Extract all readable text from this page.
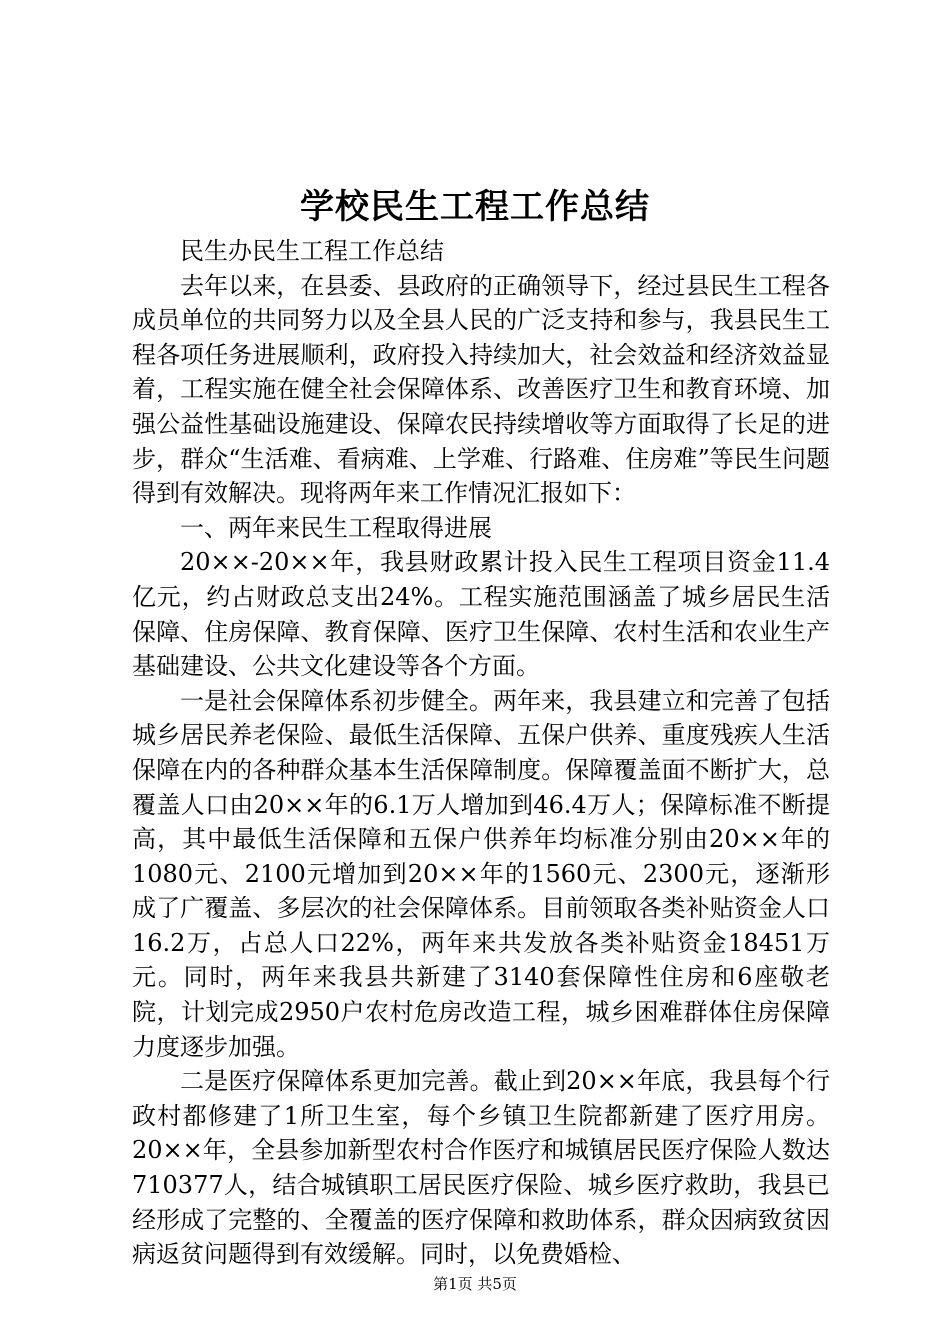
学校民生工程工作总结

民生办民生工程工作总结

去年以来，在县委、县政府的正确领导下，经过县民生工程各成员单位的共同努力以及全县人民的广泛支持和参与，我县民生工程各项任务进展顺利，政府投入持续加大，社会效益和经济效益显着，工程实施在健全社会保障体系、改善医疗卫生和教育环境、加强公益性基础设施建设、保障农民持续增收等方面取得了长足的进步，群众“生活难、看病难、上学难、行路难、住房难”等民生问题得到有效解决。现将两年来工作情况汇报如下：

一、两年来民生工程取得进展

20××-20××年，我县财政累计投入民生工程项目资金11.4亿元，约占财政总支出24%。工程实施范围涵盖了城乡居民生活保障、住房保障、教育保障、医疗卫生保障、农村生活和农业生产基础建设、公共文化建设等各个方面。

一是社会保障体系初步健全。两年来，我县建立和完善了包括城乡居民养老保险、最低生活保障、五保户供养、重度残疾人生活保障在内的各种群众基本生活保障制度。保障覆盖面不断扩大，总覆盖人口由20××年的6.1万人增加到46.4万人；保障标准不断提高，其中最低生活保障和五保户供养年均标准分别由20××年的1080元、2100元增加到20××年的1560元、2300元，逐渐形成了广覆盖、多层次的社会保障体系。目前领取各类补贴资金人口16.2万，占总人口22%，两年来共发放各类补贴资金18451万元。同时，两年来我县共新建了3140套保障性住房和6座敬老院，计划完成2950户农村危房改造工程，城乡困难群体住房保障力度逐步加强。

二是医疗保障体系更加完善。截止到20××年底，我县每个行政村都修建了1所卫生室，每个乡镇卫生院都新建了医疗用房。20××年，全县参加新型农村合作医疗和城镇居民医疗保险人数达710377人，结合城镇职工居民医疗保险、城乡医疗救助，我县已经形成了完整的、全覆盖的医疗保障和救助体系，群众因病致贫因病返贫问题得到有效缓解。同时，以免费婚检、

第1页 共5页
